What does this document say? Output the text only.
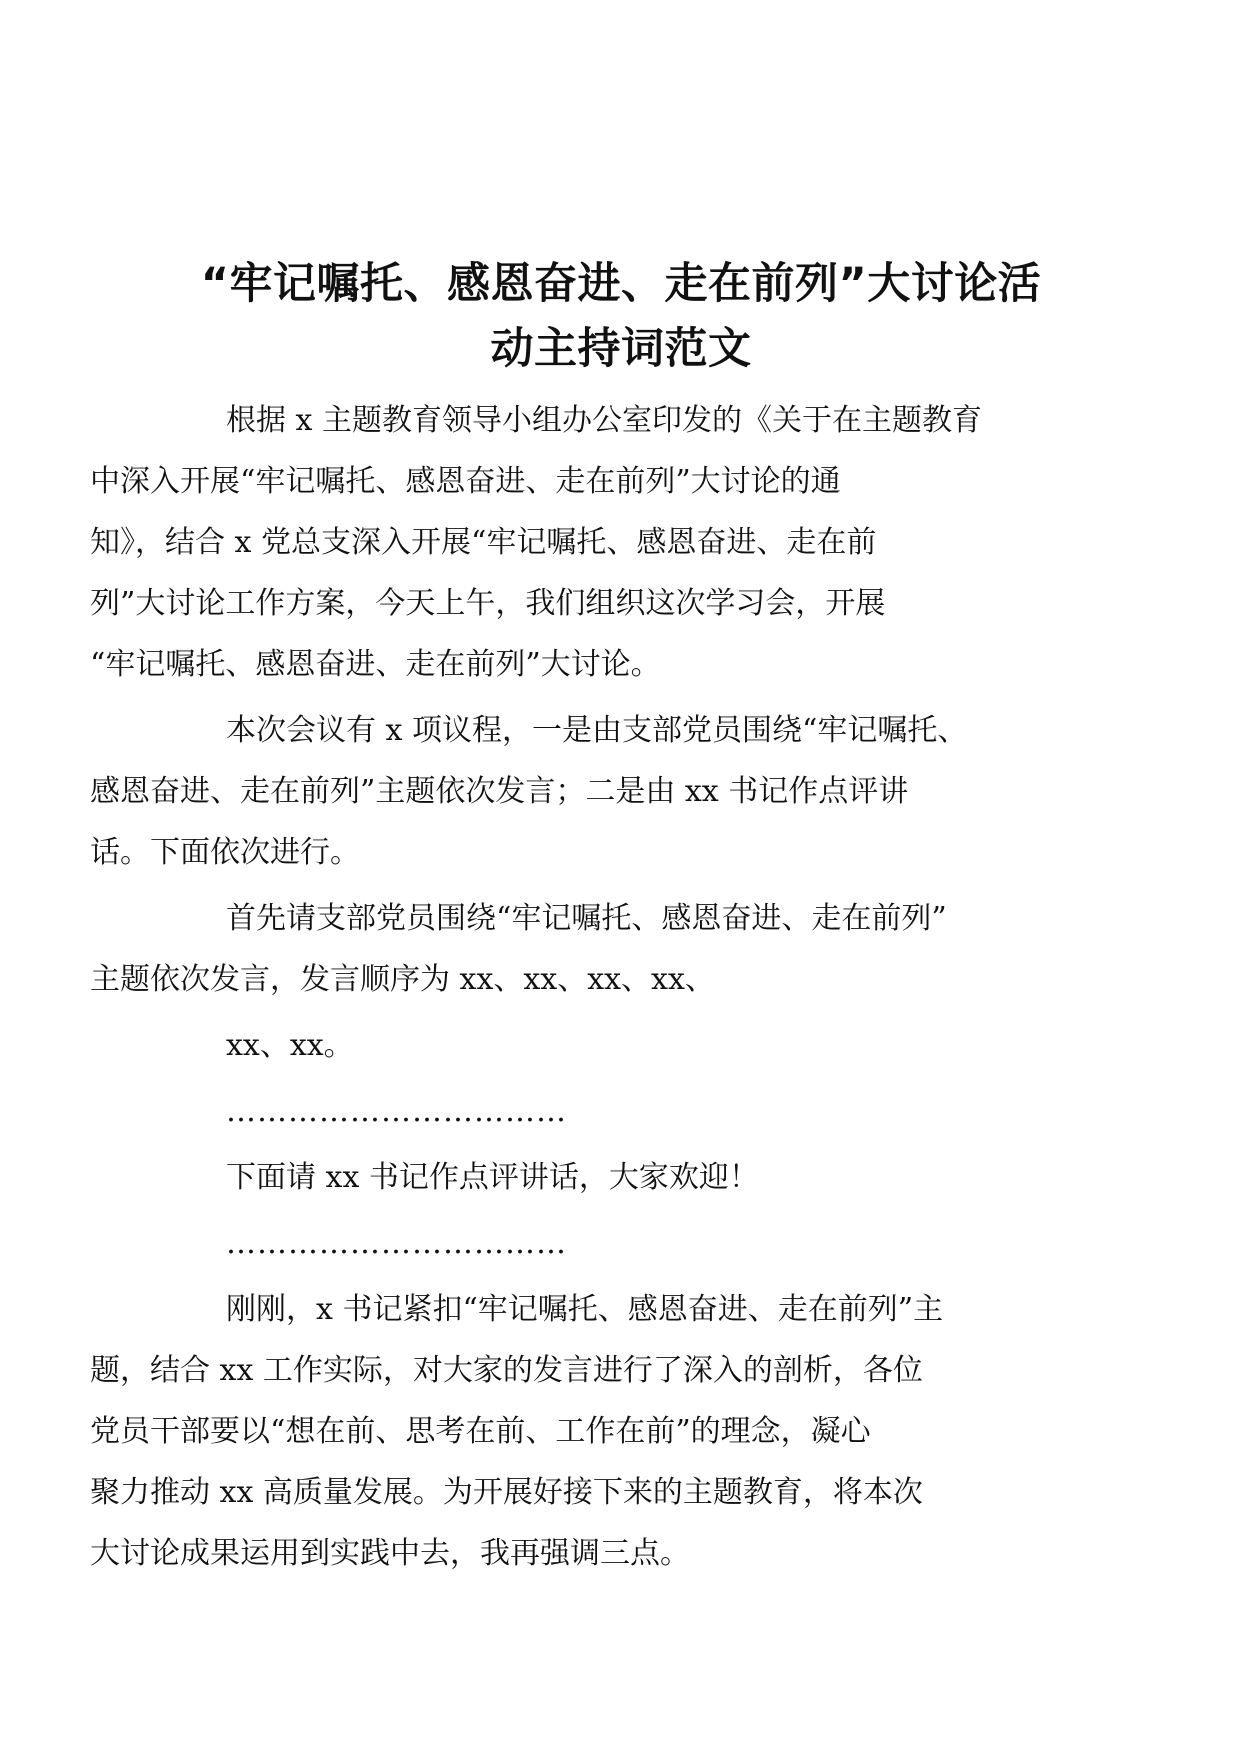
“牢记嘱托、感恩奋进、走在前列”大讨论活
动主持词范文
根据 x 主题教育领导小组办公室印发的《关于在主题教育
中深入开展“牢记嘱托、感恩奋进、走在前列”大讨论的通
知》，结合 x 党总支深入开展“牢记嘱托、感恩奋进、走在前
列”大讨论工作方案，今天上午，我们组织这次学习会，开展
“牢记嘱托、感恩奋进、走在前列”大讨论。
本次会议有 x 项议程，一是由支部党员围绕“牢记嘱托、
感恩奋进、走在前列”主题依次发言；二是由 xx 书记作点评讲
话。下面依次进行。
首先请支部党员围绕“牢记嘱托、感恩奋进、走在前列”
主题依次发言，发言顺序为 xx、xx、xx、xx、
xx、xx。
……………………………
下面请 xx 书记作点评讲话，大家欢迎！
……………………………
刚刚，x 书记紧扣“牢记嘱托、感恩奋进、走在前列”主
题，结合 xx 工作实际，对大家的发言进行了深入的剖析，各位
党员干部要以“想在前、思考在前、工作在前”的理念，凝心
聚力推动 xx 高质量发展。为开展好接下来的主题教育，将本次
大讨论成果运用到实践中去，我再强调三点。
